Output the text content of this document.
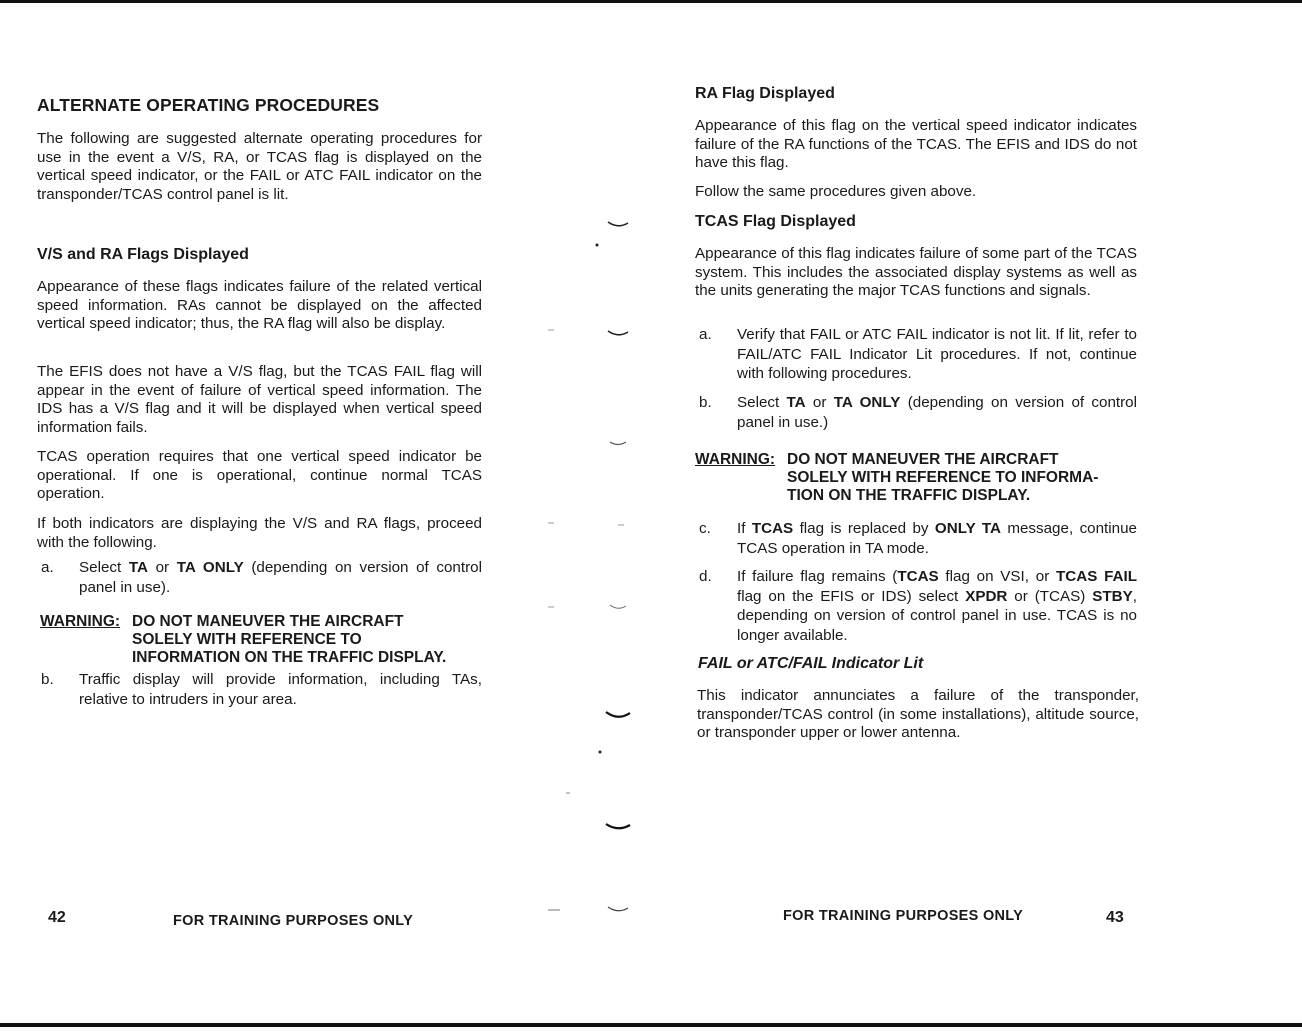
ALTERNATE OPERATING PROCEDURES

The following are suggested alternate operating procedures for use in the event a V/S, RA, or TCAS flag is displayed on the vertical speed indicator, or the FAIL or ATC FAIL indicator on the transponder/TCAS control panel is lit.

V/S and RA Flags Displayed

Appearance of these flags indicates failure of the related vertical speed information. RAs cannot be displayed on the affected vertical speed indicator; thus, the RA flag will also be display.

The EFIS does not have a V/S flag, but the TCAS FAIL flag will appear in the event of failure of vertical speed information. The IDS has a V/S flag and it will be displayed when vertical speed information fails.

TCAS operation requires that one vertical speed indicator be operational. If one is operational, continue normal TCAS operation.

If both indicators are displaying the V/S and RA flags, proceed with the following.

a. Select TA or TA ONLY (depending on version of control panel in use).
WARNING: DO NOT MANEUVER THE AIRCRAFT
SOLELY WITH REFERENCE TO
INFORMATION ON THE TRAFFIC DISPLAY.
b. Traffic display will provide information, including TAs, relative to intruders in your area.
42	FOR TRAINING PURPOSES ONLY
RA Flag Displayed

Appearance of this flag on the vertical speed indicator indicates failure of the RA functions of the TCAS. The EFIS and IDS do not have this flag.

Follow the same procedures given above.

TCAS Flag Displayed

Appearance of this flag indicates failure of some part of the TCAS system. This includes the associated display systems as well as the units generating the major TCAS functions and signals.

a. Verify that FAIL or ATC FAIL indicator is not lit. If lit, refer to FAIL/ATC FAIL Indicator Lit procedures. If not, continue with following procedures.
b. Select TA or TA ONLY (depending on version of control panel in use.)
WARNING: DO NOT MANEUVER THE AIRCRAFT
SOLELY WITH REFERENCE TO INFORMA-
TION ON THE TRAFFIC DISPLAY.
c. If TCAS flag is replaced by ONLY TA message, continue TCAS operation in TA mode.
d. If failure flag remains (TCAS flag on VSI, or TCAS FAIL flag on the EFIS or IDS) select XPDR or (TCAS) STBY, depending on version of control panel in use. TCAS is no longer available.
FAIL or ATC/FAIL Indicator Lit

This indicator annunciates a failure of the transponder, transponder/TCAS control (in some installations), altitude source, or transponder upper or lower antenna.

FOR TRAINING PURPOSES ONLY	43
